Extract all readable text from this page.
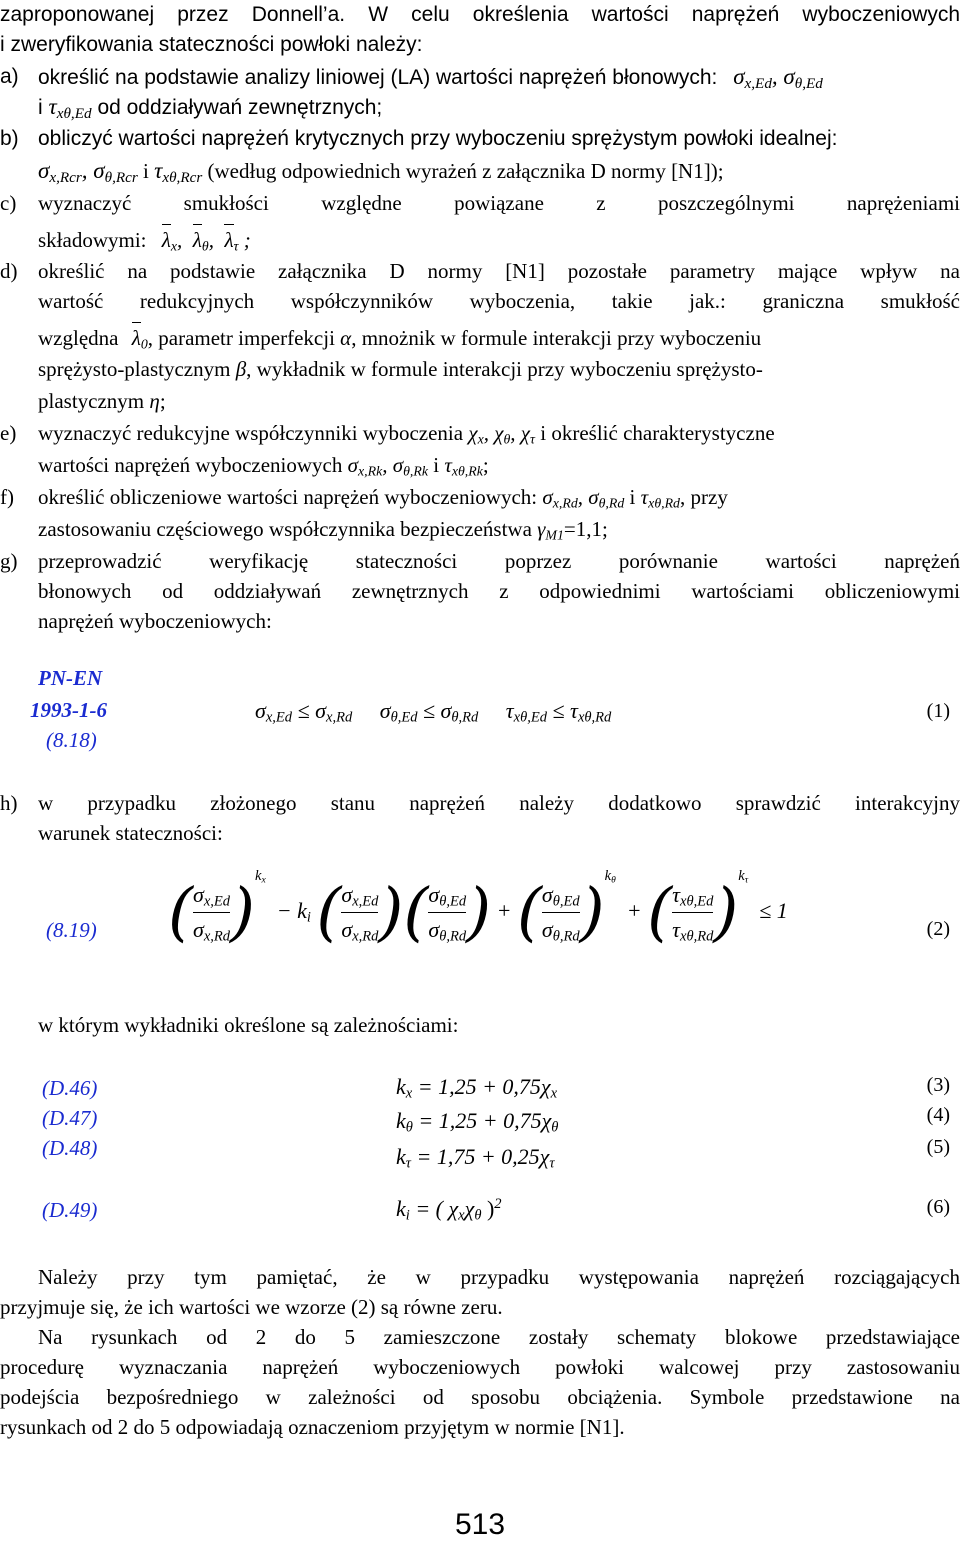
zaproponowanej przez Donnell’a. W celu określenia wartości naprężeń wyboczeniowych
i zweryfikowania stateczności powłoki należy:
a) określić na podstawie analizy liniowej (LA) wartości naprężeń błonowych: $\sigma_{x,Ed}$, $\sigma_{\theta,Ed}$
i $\tau_{x\theta,Ed}$ od oddziaływań zewnętrznych;
b) obliczyć wartości naprężeń krytycznych przy wyboczeniu sprężystym powłoki idealnej:
$\sigma_{x,Rcr}$, $\sigma_{\theta,Rcr}$ i $\tau_{x\theta,Rcr}$ (według odpowiednich wyrażeń z załącznika D normy [N1]);
c) wyznaczyć smukłości względne powiązane z poszczególnymi naprężeniami
składowymi: $\lambda_x$,  $\lambda_\theta$,  $\lambda_\tau$ ;
d) określić na podstawie załącznika D normy [N1] pozostałe parametry mające wpływ na
wartość redukcyjnych współczynników wyboczenia, takie jak.: graniczna smukłość
względna $\lambda_0$, parametr imperfekcji α, mnożnik w formule interakcji przy wyboczeniu
sprężysto-plastycznym β, wykładnik w formule interakcji przy wyboczeniu sprężysto-
plastycznym η;
e) wyznaczyć redukcyjne współczynniki wyboczenia $\chi_x$, $\chi_\theta$, $\chi_\tau$ i określić charakterystyczne
wartości naprężeń wyboczeniowych $\sigma_{x,Rk}$, $\sigma_{\theta,Rk}$ i $\tau_{x\theta,Rk}$;
f) określić obliczeniowe wartości naprężeń wyboczeniowych: $\sigma_{x,Rd}$, $\sigma_{\theta,Rd}$ i $\tau_{x\theta,Rd}$, przy
zastosowaniu częściowego współczynnika bezpieczeństwa $\gamma_{M1}=1,1$;
g) przeprowadzić weryfikację stateczności poprzez porównanie wartości naprężeń
błonowych od oddziaływań zewnętrznych z odpowiednimi wartościami obliczeniowymi
naprężeń wyboczeniowych:
PN-EN
1993-1-6
(8.18)
$\sigma_{x,Ed} \le \sigma_{x,Rd}$     $\sigma_{\theta,Ed} \le \sigma_{\theta,Rd}$     $\tau_{x\theta,Ed} \le \tau_{x\theta,Rd}$	(1)
h) w przypadku złożonego stanu naprężeń należy dodatkowo sprawdzić interakcyjny
warunek stateczności:
(8.19) ( $\frac{\sigma_{x,Ed}}{\sigma_{x,Rd}} )^{k_x} - k_i$ ( $\frac{\sigma_{x,Ed}}{\sigma_{x,Rd}}$ )( $\frac{\sigma_{\theta,Ed}}{\sigma_{\theta,Rd}}$ ) + ( $\frac{\sigma_{\theta,Ed}}{\sigma_{\theta,Rd}} )^{k_\theta}$  + ( $\frac{\tau_{x\theta,Ed}}{\tau_{x\theta,Rd}} )^{k_\tau} \le 1$
(2)
w którym wykładniki określone są zależnościami:
(D.46)
(D.47)
(D.48)
(D.49)
$k_x = 1,25 + 0,75\chi_x$
$k_\theta = 1,25 + 0,75\chi_\theta$
$k_\tau = 1,75 + 0,25\chi_\tau$
$k_i$ = ( $\chi_x\chi_\theta$ )$^2$
(3)
(4)
(5)
(6)
Należy przy tym pamiętać, że w przypadku występowania naprężeń rozciągających
przyjmuje się, że ich wartości we wzorze (2) są równe zeru.
Na rysunkach od 2 do 5 zamieszczone zostały schematy blokowe przedstawiające
procedurę wyznaczania naprężeń wyboczeniowych powłoki walcowej przy zastosowaniu
podejścia bezpośredniego w zależności od sposobu obciążenia. Symbole przedstawione na
rysunkach od 2 do 5 odpowiadają oznaczeniom przyjętym w normie [N1].
513
